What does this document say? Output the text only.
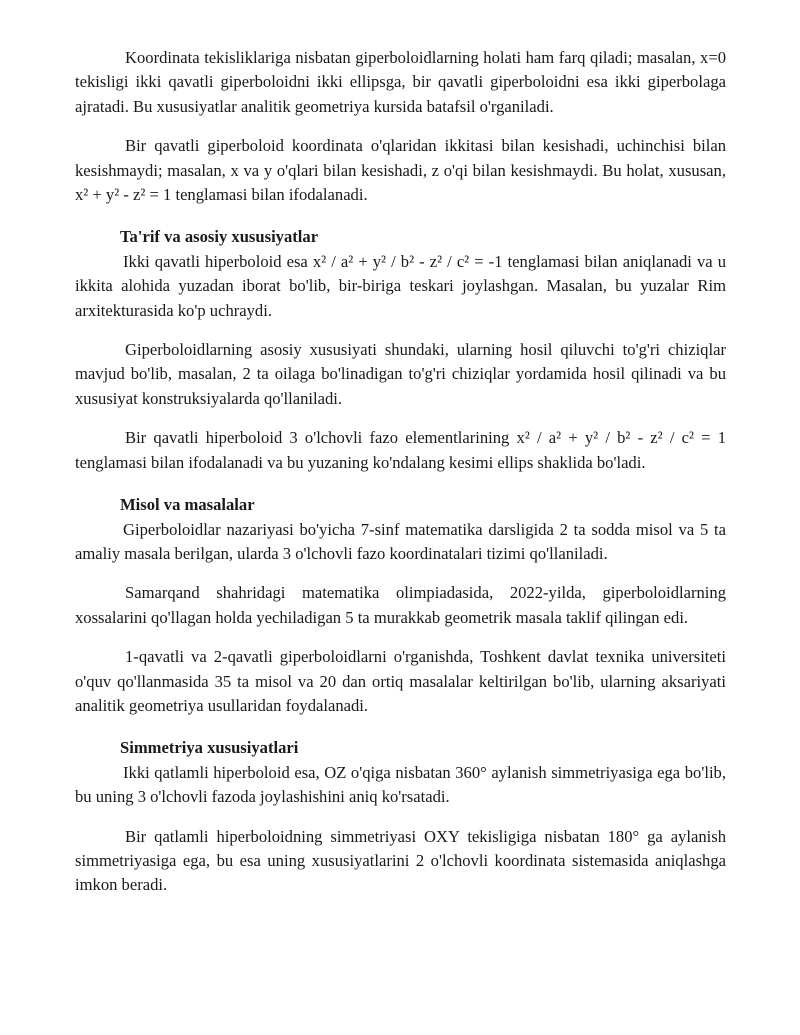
Koordinata tekisliklariga nisbatan giperboloidlarning holati ham farq qiladi; masalan, x=0 tekisligi ikki qavatli giperboloidni ikki ellipsga, bir qavatli giperboloidni esa ikki giperbolaga ajratadi. Bu xususiyatlar analitik geometriya kursida batafsil o'rganiladi.

Bir qavatli giperboloid koordinata o'qlaridan ikkitasi bilan kesishadi, uchinchisi bilan kesishmaydi; masalan, x va y o'qlari bilan kesishadi, z o'qi bilan kesishmaydi. Bu holat, xususan, x² + y² - z² = 1 tenglamasi bilan ifodalanadi.

Ta'rif va asosiy xususiyatlar

Ikki qavatli hiperboloid esa x² / a² + y² / b² - z² / c² = -1 tenglamasi bilan aniqlanadi va u ikkita alohida yuzadan iborat bo'lib, bir-biriga teskari joylashgan. Masalan, bu yuzalar Rim arxitekturasida ko'p uchraydi.

Giperboloidlarning asosiy xususiyati shundaki, ularning hosil qiluvchi to'g'ri chiziqlar mavjud bo'lib, masalan, 2 ta oilaga bo'linadigan to'g'ri chiziqlar yordamida hosil qilinadi va bu xususiyat konstruksiyalarda qo'llaniladi.

Bir qavatli hiperboloid 3 o'lchovli fazo elementlarining x² / a² + y² / b² - z² / c² = 1 tenglamasi bilan ifodalanadi va bu yuzaning ko'ndalang kesimi ellips shaklida bo'ladi.

Misol va masalalar

Giperboloidlar nazariyasi bo'yicha 7-sinf matematika darsligida 2 ta sodda misol va 5 ta amaliy masala berilgan, ularda 3 o'lchovli fazo koordinatalari tizimi qo'llaniladi.

Samarqand shahridagi matematika olimpiadasida, 2022-yilda, giperboloidlarning xossalarini qo'llagan holda yechiladigan 5 ta murakkab geometrik masala taklif qilingan edi.

1-qavatli va 2-qavatli giperboloidlarni o'rganishda, Toshkent davlat texnika universiteti o'quv qo'llanmasida 35 ta misol va 20 dan ortiq masalalar keltirilgan bo'lib, ularning aksariyati analitik geometriya usullaridan foydalanadi.

Simmetriya xususiyatlari

Ikki qatlamli hiperboloid esa, OZ o'qiga nisbatan 360° aylanish simmetriyasiga ega bo'lib, bu uning 3 o'lchovli fazoda joylashishini aniq ko'rsatadi.

Bir qatlamli hiperboloidning simmetriyasi OXY tekisligiga nisbatan 180° ga aylanish simmetriyasiga ega, bu esa uning xususiyatlarini 2 o'lchovli koordinata sistemasida aniqlashga imkon beradi.
